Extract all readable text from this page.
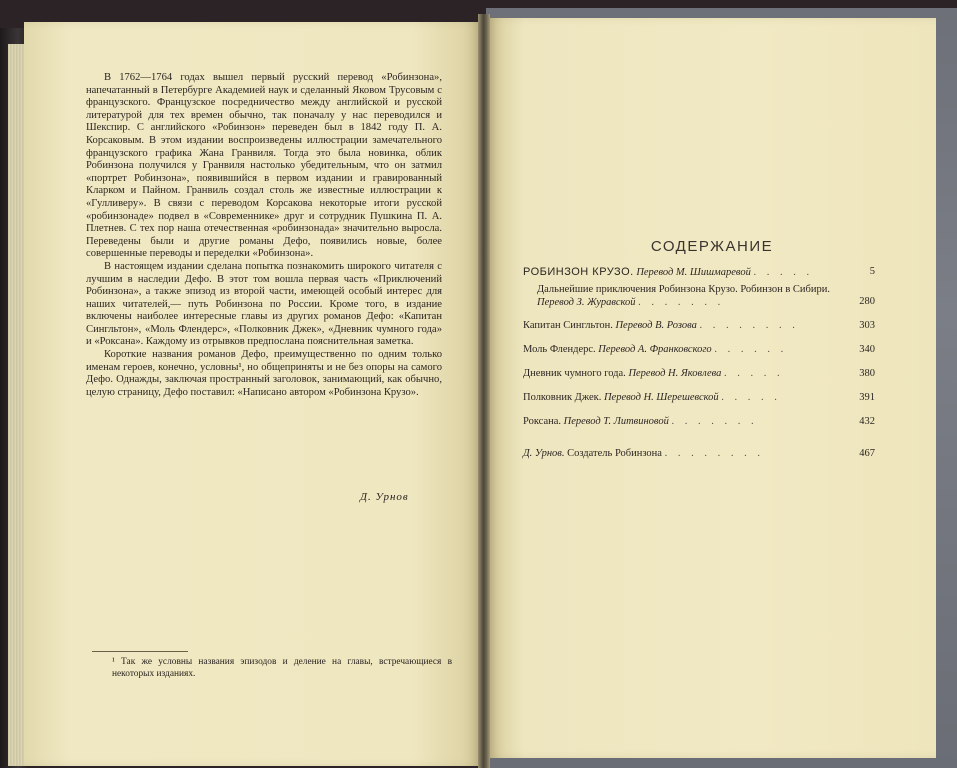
В 1762—1764 годах вышел первый русский перевод «Робинзона», напечатанный в Петербурге Академией наук и сделанный Яковом Трусовым с французского. Французское посредничество между английской и русской литературой для тех времен обычно, так поначалу у нас переводился и Шекспир. С английского «Робинзон» переведен был в 1842 году П. А. Корсаковым. В этом издании воспроизведены иллюстрации замечательного французского графика Жана Гранвиля. Тогда это была новинка, облик Робинзона получился у Гранвиля настолько убедительным, что он затмил «портрет Робинзона», появившийся в первом издании и гравированный Кларком и Пайном. Гранвиль создал столь же известные иллюстрации к «Гулливеру». В связи с переводом Корсакова некоторые итоги русской «робинзонаде» подвел в «Современнике» друг и сотрудник Пушкина П. А. Плетнев. С тех пор наша отечественная «робинзонада» значительно выросла. Переведены были и другие романы Дефо, появились новые, более совершенные переводы и переделки «Робинзона».

В настоящем издании сделана попытка познакомить широкого читателя с лучшим в наследии Дефо. В этот том вошла первая часть «Приключений Робинзона», а также эпизод из второй части, имеющей особый интерес для наших читателей,— путь Робинзона по России. Кроме того, в издание включены наиболее интересные главы из других романов Дефо: «Капитан Сингльтон», «Моль Флендерс», «Полковник Джек», «Дневник чумного года» и «Роксана». Каждому из отрывков предпослана пояснительная заметка.

Короткие названия романов Дефо, преимущественно по одним только именам героев, конечно, условны¹, но общеприняты и не без опоры на самого Дефо. Однажды, заключая пространный заголовок, занимающий, как обычно, целую страницу, Дефо поставил: «Написано автором «Робинзона Крузо».

Д. Урнов
¹ Так же условны названия эпизодов и деление на главы, встречающиеся в некоторых изданиях.
СОДЕРЖАНИЕ
РОБИНЗОН КРУЗО. Перевод М. Шишмаревой . . . . .	5
Дальнейшие приключения Робинзона Крузо. Робинзон в Сибири. Перевод З. Журавской . . . . . . .	280
Капитан Сингльтон. Перевод В. Розова . . . . . . . .	303
Моль Флендерс. Перевод А. Франковского . . . . . .	340
Дневник чумного года. Перевод Н. Яковлева . . . . .	380
Полковник Джек. Перевод Н. Шерешевской . . . . .	391
Роксана. Перевод Т. Литвиновой . . . . . . .	432
Д. Урнов. Создатель Робинзона . . . . . . . .	467
